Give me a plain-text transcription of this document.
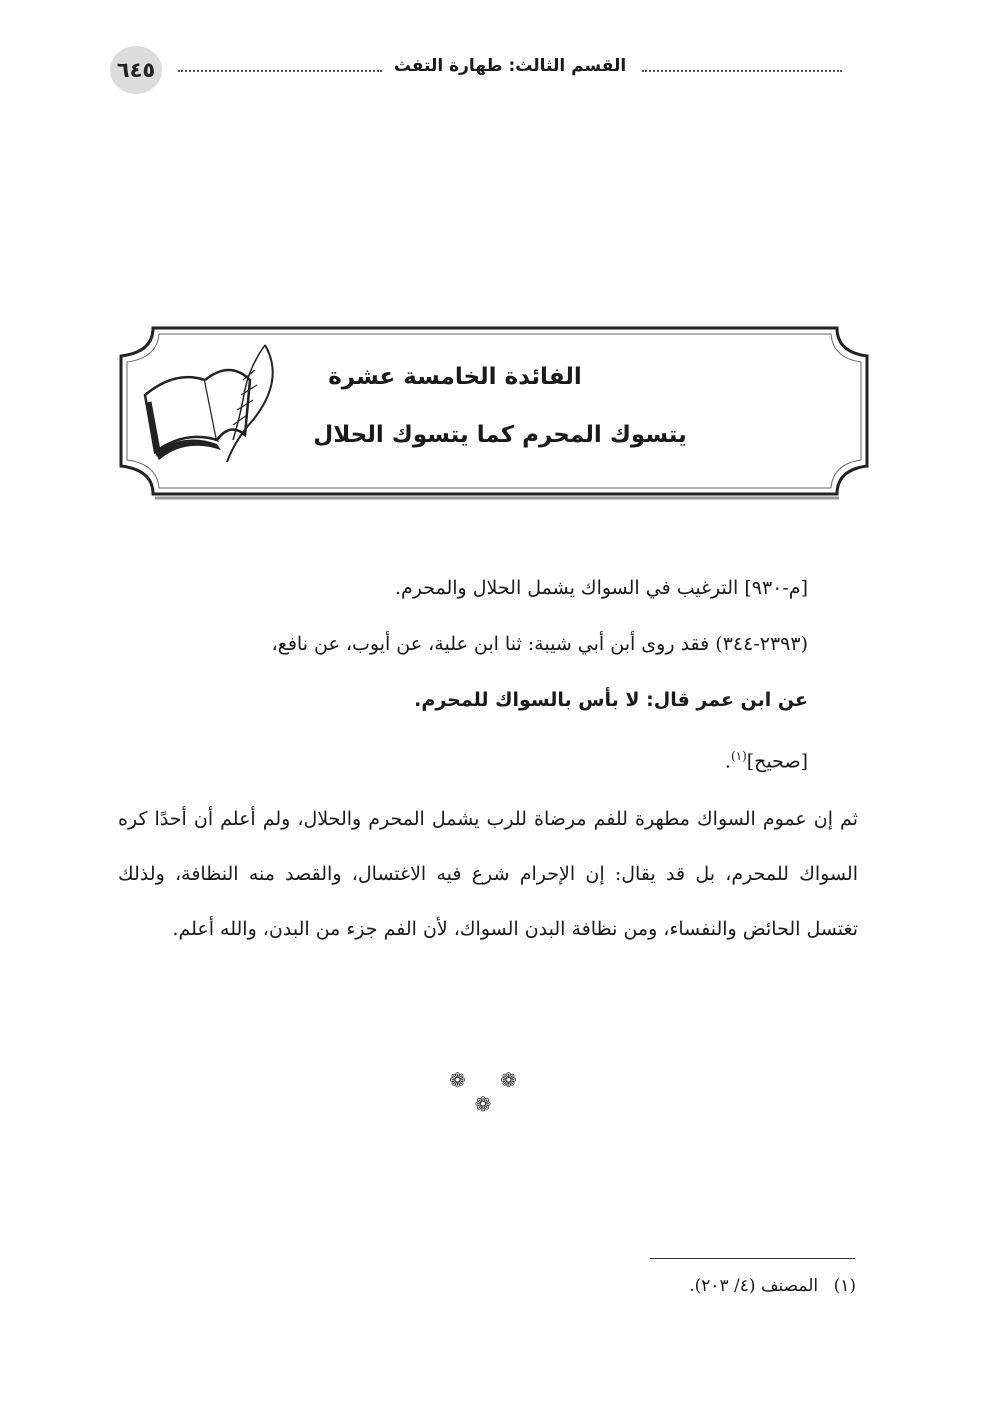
٦٤٥	القسم الثالث: طهارة التفث
الفائدة الخامسة عشرة
يتسوك المحرم كما يتسوك الحلال
[م-٩٣٠] الترغيب في السواك يشمل الحلال والمحرم.
(٢٣٩٣-٣٤٤) فقد روى أبن أبي شيبة: ثنا ابن علية، عن أيوب، عن نافع،
عن ابن عمر قال: لا بأس بالسواك للمحرم.
[صحيح]$^{(١)}$.
ثم إن عموم السواك مطهرة للفم مرضاة للرب يشمل المحرم والحلال، ولم أعلم أن أحدًا كره السواك للمحرم، بل قد يقال: إن الإحرام شرع فيه الاغتسال، والقصد منه النظافة، ولذلك تغتسل الحائض والنفساء، ومن نظافة البدن السواك، لأن الفم جزء من البدن، والله أعلم.
❁ ❁ ❁
(١) المصنف (٤/ ٢٠٣).
